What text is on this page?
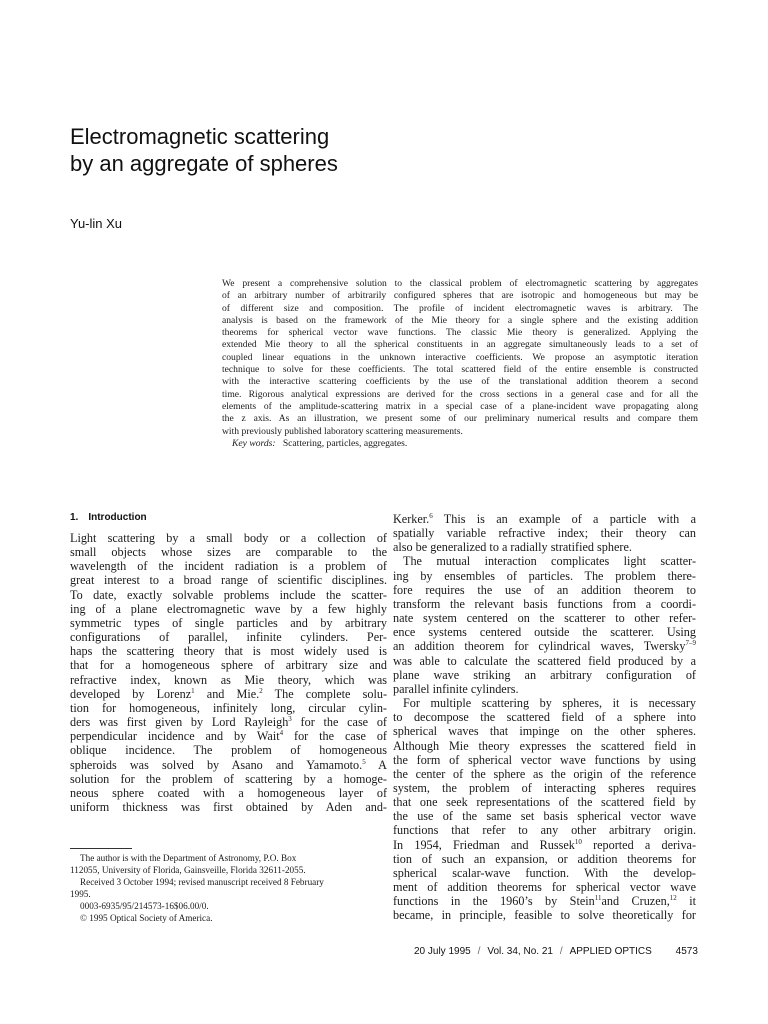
Electromagnetic scattering
by an aggregate of spheres
Yu-lin Xu
We present a comprehensive solution to the classical problem of electromagnetic scattering by aggregates
of an arbitrary number of arbitrarily configured spheres that are isotropic and homogeneous but may be
of different size and composition. The profile of incident electromagnetic waves is arbitrary. The
analysis is based on the framework of the Mie theory for a single sphere and the existing addition
theorems for spherical vector wave functions. The classic Mie theory is generalized. Applying the
extended Mie theory to all the spherical constituents in an aggregate simultaneously leads to a set of
coupled linear equations in the unknown interactive coefficients. We propose an asymptotic iteration
technique to solve for these coefficients. The total scattered field of the entire ensemble is constructed
with the interactive scattering coefficients by the use of the translational addition theorem a second
time. Rigorous analytical expressions are derived for the cross sections in a general case and for all the
elements of the amplitude-scattering matrix in a special case of a plane-incident wave propagating along
the z axis. As an illustration, we present some of our preliminary numerical results and compare them
with previously published laboratory scattering measurements.
Key words: Scattering, particles, aggregates.
1. Introduction
Light scattering by a small body or a collection of
small objects whose sizes are comparable to the
wavelength of the incident radiation is a problem of
great interest to a broad range of scientific disciplines.
To date, exactly solvable problems include the scatter-
ing of a plane electromagnetic wave by a few highly
symmetric types of single particles and by arbitrary
configurations of parallel, infinite cylinders. Per-
haps the scattering theory that is most widely used is
that for a homogeneous sphere of arbitrary size and
refractive index, known as Mie theory, which was
developed by Lorenz$^1$ and Mie.$^2$ The complete solu-
tion for homogeneous, infinitely long, circular cylin-
ders was first given by Lord Rayleigh$^3$ for the case of
perpendicular incidence and by Wait$^4$ for the case of
oblique incidence. The problem of homogeneous
spheroids was solved by Asano and Yamamoto.$^5$ A
solution for the problem of scattering by a homoge-
neous sphere coated with a homogeneous layer of
uniform thickness was first obtained by Aden and-
The author is with the Department of Astronomy, P.O. Box
112055, University of Florida, Gainsveille, Florida 32611-2055.
Received 3 October 1994; revised manuscript received 8 February
1995.
0003-6935/95/214573-16$06.00/0.
© 1995 Optical Society of America.
Kerker.$^6$ This is an example of a particle with a
spatially variable refractive index; their theory can
also be generalized to a radially stratified sphere.
The mutual interaction complicates light scatter-
ing by ensembles of particles. The problem there-
fore requires the use of an addition theorem to
transform the relevant basis functions from a coordi-
nate system centered on the scatterer to other refer-
ence systems centered outside the scatterer. Using
an addition theorem for cylindrical waves, Twersky$^{7-9}$
was able to calculate the scattered field produced by a
plane wave striking an arbitrary configuration of
parallel infinite cylinders.
For multiple scattering by spheres, it is necessary
to decompose the scattered field of a sphere into
spherical waves that impinge on the other spheres.
Although Mie theory expresses the scattered field in
the form of spherical vector wave functions by using
the center of the sphere as the origin of the reference
system, the problem of interacting spheres requires
that one seek representations of the scattered field by
the use of the same set basis spherical vector wave
functions that refer to any other arbitrary origin.
In 1954, Friedman and Russek$^{10}$ reported a deriva-
tion of such an expansion, or addition theorems for
spherical scalar-wave function. With the develop-
ment of addition theorems for spherical vector wave
functions in the 1960’s by Stein$^{11}$and Cruzen,$^{12}$ it
became, in principle, feasible to solve theoretically for
20 July 1995 / Vol. 34, No. 21 / APPLIED OPTICS 4573
